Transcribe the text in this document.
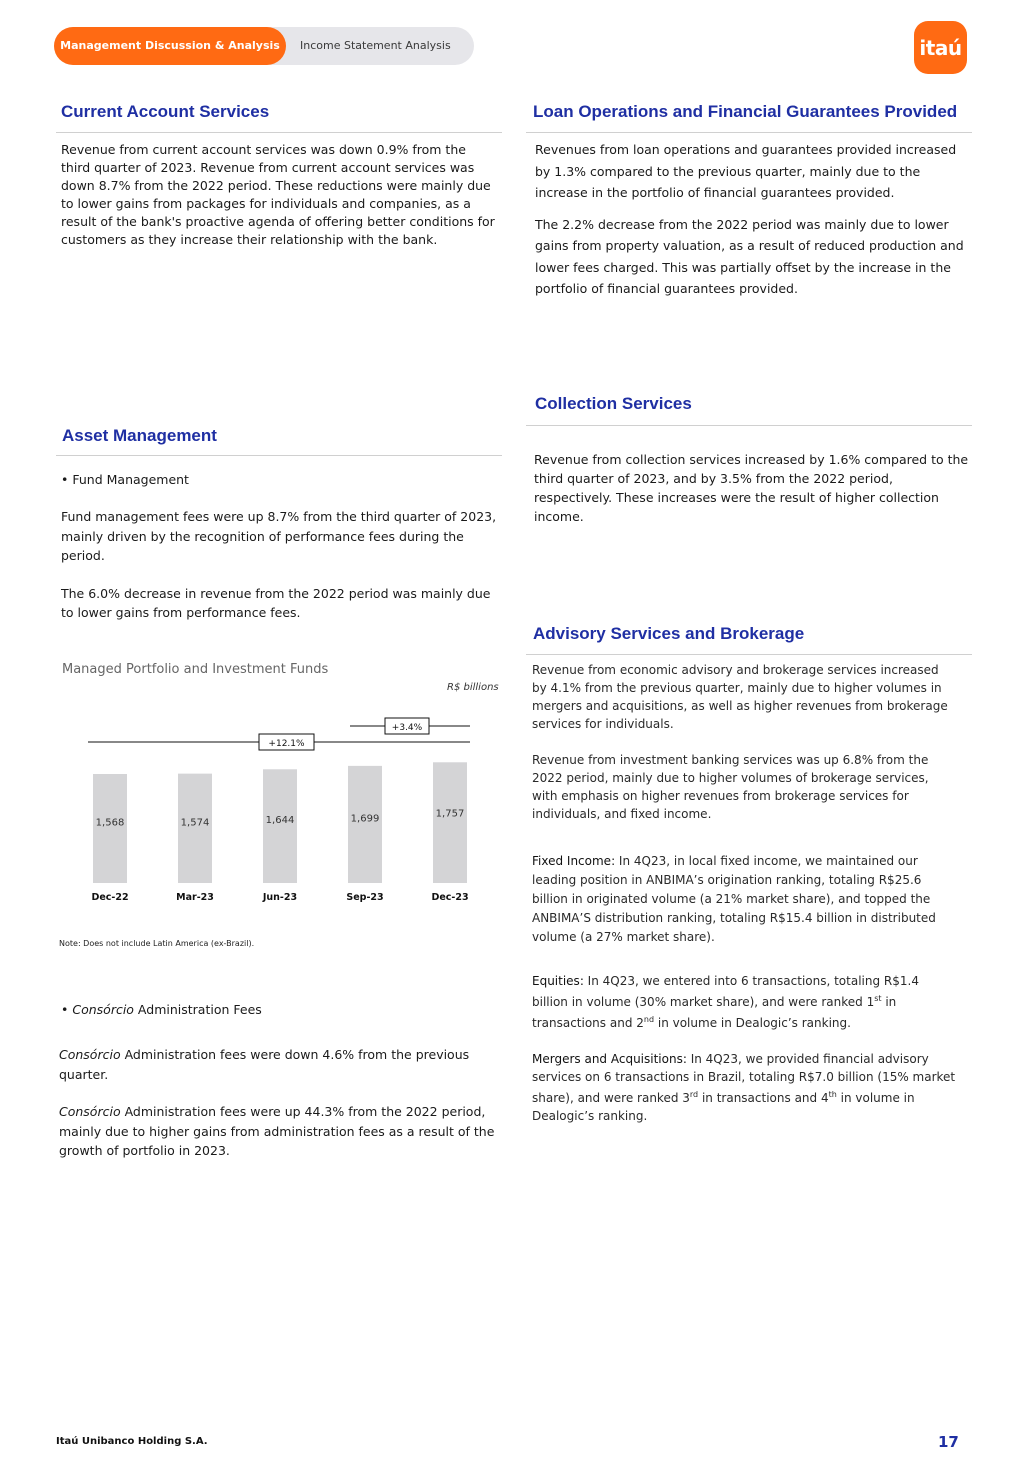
Management Discussion & Analysis	Income Statement Analysis	itaú
Current Account Services
Revenue from current account services was down 0.9% from the third quarter of 2023. Revenue from current account services was down 8.7% from the 2022 period. These reductions were mainly due to lower gains from packages for individuals and companies, as a result of the bank's proactive agenda of offering better conditions for customers as they increase their relationship with the bank.
Loan Operations and Financial Guarantees Provided

Revenues from loan operations and guarantees provided increased by 1.3% compared to the previous quarter, mainly due to the increase in the portfolio of financial guarantees provided.

The 2.2% decrease from the 2022 period was mainly due to lower gains from property valuation, as a result of reduced production and lower fees charged. This was partially offset by the increase in the portfolio of financial guarantees provided.

Collection Services
Revenue from collection services increased by 1.6% compared to the third quarter of 2023, and by 3.5% from the 2022 period, respectively. These increases were the result of higher collection income.
Asset Management
• Fund Management

Fund management fees were up 8.7% from the third quarter of 2023, mainly driven by the recognition of performance fees during the period.

The 6.0% decrease in revenue from the 2022 period was mainly due to lower gains from performance fees.

Managed Portfolio and Investment Funds
R$ billions
1,568
Dec-22
1,574
Mar-23
1,644
Jun-23
1,699
Sep-23
1,757
Dec-23
+12.1%
+3.4%
Note: Does not include Latin America (ex-Brazil).
• Consórcio Administration Fees

Consórcio Administration fees were down 4.6% from the previous quarter.

Consórcio Administration fees were up 44.3% from the 2022 period, mainly due to higher gains from administration fees as a result of the growth of portfolio in 2023.

Advisory Services and Brokerage

Revenue from economic advisory and brokerage services increased by 4.1% from the previous quarter, mainly due to higher volumes in mergers and acquisitions, as well as higher revenues from brokerage services for individuals.

Revenue from investment banking services was up 6.8% from the 2022 period, mainly due to higher volumes of brokerage services, with emphasis on higher revenues from brokerage services for individuals, and fixed income.

Fixed Income: In 4Q23, in local fixed income, we maintained our leading position in ANBIMA’s origination ranking, totaling R$25.6 billion in originated volume (a 21% market share), and topped the ANBIMA’S distribution ranking, totaling R$15.4 billion in distributed volume (a 27% market share).

Equities: In 4Q23, we entered into 6 transactions, totaling R$1.4 billion in volume (30% market share), and were ranked 1st in transactions and 2nd in volume in Dealogic’s ranking.

Mergers and Acquisitions: In 4Q23, we provided financial advisory services on 6 transactions in Brazil, totaling R$7.0 billion (15% market share), and were ranked 3rd in transactions and 4th in volume in Dealogic’s ranking.

Itaú Unibanco Holding S.A.	17
